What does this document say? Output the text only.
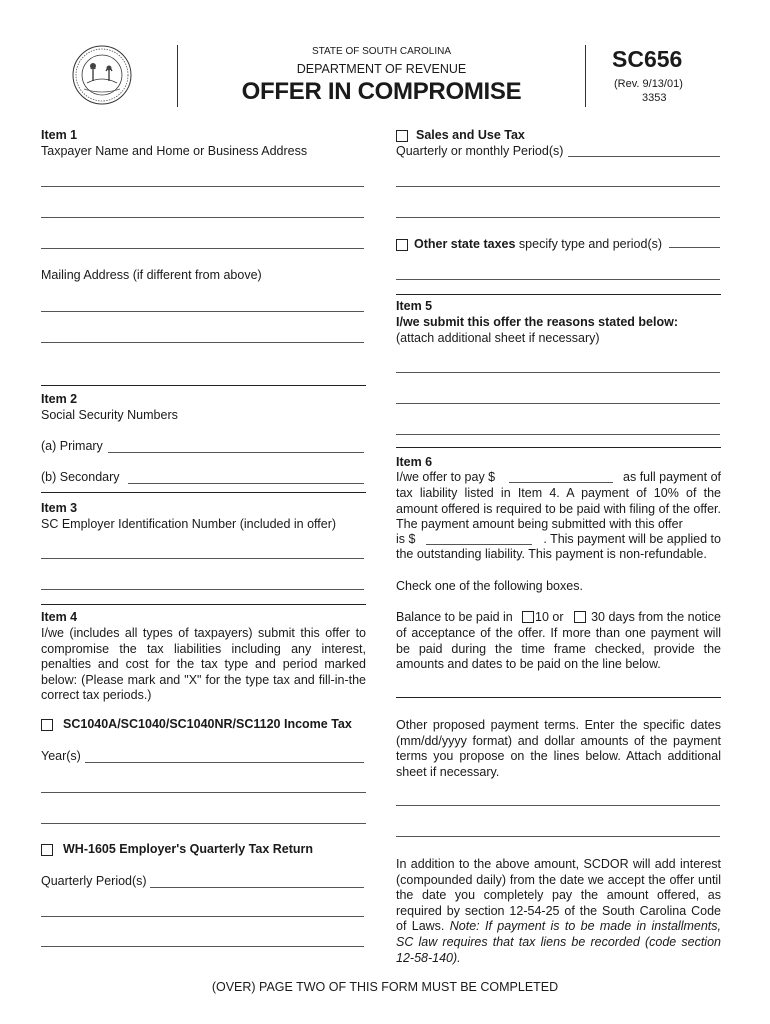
STATE OF SOUTH CAROLINA
DEPARTMENT OF REVENUE
OFFER IN COMPROMISE
SC656
(Rev. 9/13/01)
3353
Item 1
Taxpayer Name and Home or Business Address
Mailing Address (if different from above)
Item 2
Social Security Numbers
(a) Primary
(b) Secondary
Item 3
SC Employer Identification Number (included in offer)
Item 4
I/we (includes all types of taxpayers) submit this offer to compromise the tax liabilities including any interest, penalties and cost for the tax type and period marked below: (Please mark and "X" for the type tax and fill-in-the correct tax periods.)
SC1040A/SC1040/SC1040NR/SC1120 Income Tax
Year(s)
WH-1605 Employer's Quarterly Tax Return
Quarterly Period(s)
Sales and Use Tax
Quarterly or monthly Period(s)
Other state taxes specify type and period(s)
Item 5
I/we submit this offer the reasons stated below:
(attach additional sheet if necessary)
Item 6
I/we offer to pay $	as full payment of
tax liability listed in Item 4. A payment of 10% of the amount offered is required to be paid with filing of the offer. The payment amount being submitted with this offer
is $	. This payment will be applied to
the outstanding liability. This payment is non-refundable.
Check one of the following boxes.
Balance to be paid in 10 or	30 days from the notice
of acceptance of the offer. If more than one payment will be paid during the time frame checked, provide the amounts and dates to be paid on the line below.
Other proposed payment terms. Enter the specific dates (mm/dd/yyyy format) and dollar amounts of the payment terms you propose on the lines below. Attach additional sheet if necessary.
In addition to the above amount, SCDOR will add interest (compounded daily) from the date we accept the offer until the date you completely pay the amount offered, as required by section 12-54-25 of the South Carolina Code of Laws. Note: If payment is to be made in installments, SC law requires that tax liens be recorded (code section 12-58-140).
(OVER) PAGE TWO OF THIS FORM MUST BE COMPLETED
